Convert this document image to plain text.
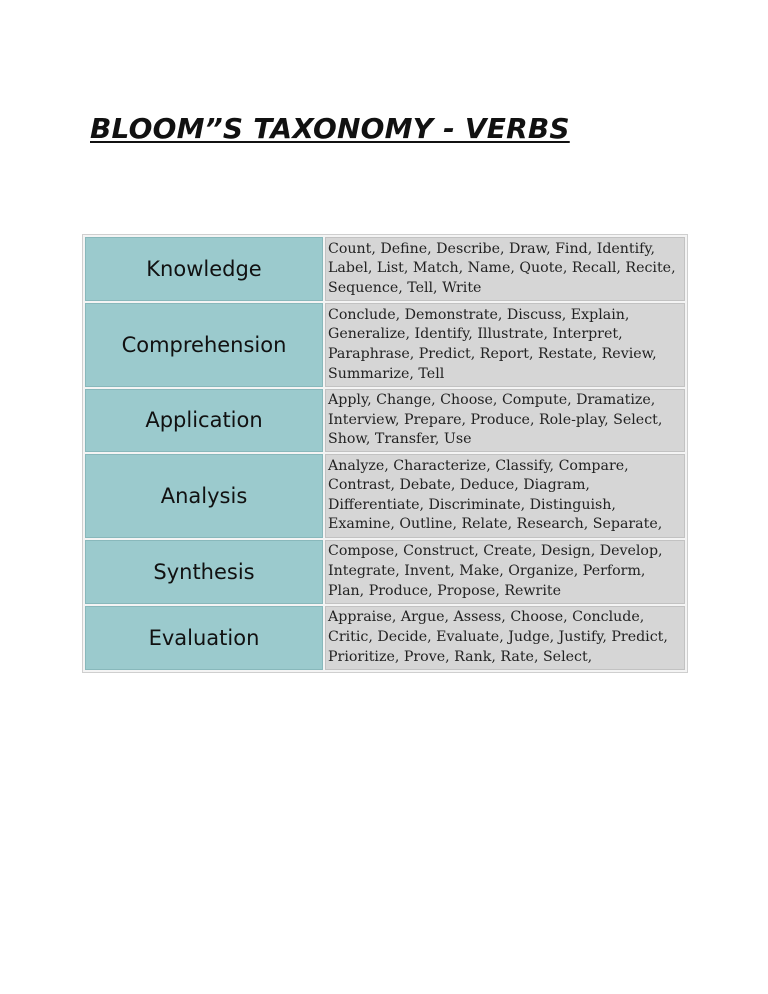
BLOOM”S TAXONOMY - VERBS
Knowledge	Count, Define, Describe, Draw, Find, Identify, Label, List, Match, Name, Quote, Recall, Recite, Sequence, Tell, Write
Comprehension	Conclude, Demonstrate, Discuss, Explain, Generalize, Identify, Illustrate, Interpret, Paraphrase, Predict, Report, Restate, Review, Summarize, Tell
Application	Apply, Change, Choose, Compute, Dramatize, Interview, Prepare, Produce, Role-play, Select, Show, Transfer, Use
Analysis	Analyze, Characterize, Classify, Compare, Contrast, Debate, Deduce, Diagram, Differentiate, Discriminate, Distinguish, Examine, Outline, Relate, Research, Separate,
Synthesis	Compose, Construct, Create, Design, Develop, Integrate, Invent, Make, Organize, Perform, Plan, Produce, Propose, Rewrite
Evaluation	Appraise, Argue, Assess, Choose, Conclude, Critic, Decide, Evaluate, Judge, Justify, Predict, Prioritize, Prove, Rank, Rate, Select,
